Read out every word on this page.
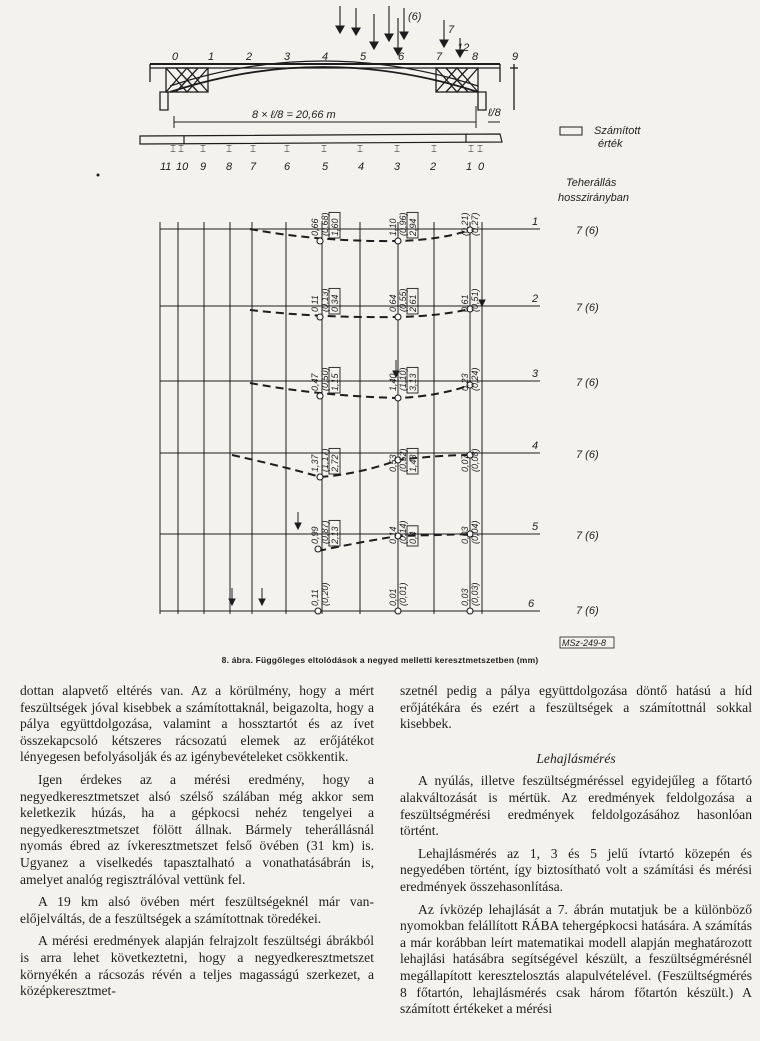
(6)
7
12
0	1	2	3	4	5	6	7	8	9
8 × ℓ/8 = 20,66 m	ℓ/8
⌶ ⌶ ⌶ ⌶ ⌶	⌶	⌶	⌶	⌶	⌶	⌶ ⌶
11 10 9 8 7	6	5	4	3	2	1 0
Számított
érték
Teherállás
hosszirányban
1
7 (6)
2
7 (6)
3
7 (6)
4
7 (6)
5
7 (6)
6
7 (6)
0,66 (0,68) 1,60	1,10 (0,96) 2,94	(0,21) (0,27)
0,11 (0,13) 0,34	0,64 (0,55) 2,61	0,61 (0,51)
0,47 (0,50) 1,15	1,40 (1,10) 3,13	0,23 (0,24)
1,37 (1,17) 2,72	0,53 (0,52) 1,43	0,07 (0,08)
0,99 (0,87) 2,13	0,14 (0,14) 0,4	0,03 (0,04)
0,11 (0,20)	0,01 (0,01)	0,03 (0,03)
MSz-249-8
8. ábra. Függőleges eltolódások a negyed melletti keresztmetszetben (mm)

dottan alapvető eltérés van. Az a körülmény, hogy a mért feszültségek jóval kisebbek a számítottaknál, beigazolta, hogy a pálya együttdolgozása, valamint a hossztartót és az ívet összekapcsoló kétszeres rácsozatú elemek az erőjátékot lényegesen befolyásolják és az igénybevételeket csökkentik.

Igen érdekes az a mérési eredmény, hogy a negyedkeresztmetszet alsó szélső szálában még akkor sem keletkezik húzás, ha a gépkocsi nehéz tengelyei a negyedkeresztmetszet fölött állnak. Bármely teherállásnál nyomás ébred az ívkeresztmetszet felső övében (31 km) is. Ugyanez a viselkedés tapasztalható a vonathatásábrán is, amelyet analóg regisztrálóval vettünk fel.

A 19 km alsó övében mért feszültségeknél már van-előjelváltás, de a feszültségek a számítottnak töredékei.

A mérési eredmények alapján felrajzolt feszültségi ábrákból is arra lehet következtetni, hogy a negyedkeresztmetszet környékén a rácsozás révén a teljes magasságú szerkezet, a középkeresztmet-

szetnél pedig a pálya együttdolgozása döntő hatású a híd erőjátékára és ezért a feszültségek a számítottnál sokkal kisebbek.

Lehajlásmérés

A nyúlás, illetve feszültségméréssel egyidejűleg a főtartó alakváltozását is mértük. Az eredmények feldolgozása a feszültségmérési eredmények feldolgozásához hasonlóan történt.

Lehajlásmérés az 1, 3 és 5 jelű ívtartó közepén és negyedében történt, így biztosítható volt a számítási és mérési eredmények összehasonlítása.

Az ívközép lehajlását a 7. ábrán mutatjuk be a különböző nyomokban felállított RÁBA tehergépkocsi hatására. A számítás a már korábban leírt matematikai modell alapján meghatározott lehajlási hatásábra segítségével készült, a feszültségmérésnél megállapított keresztelosztás alapulvételével. (Feszültségmérés 8 főtartón, lehajlásmérés csak három főtartón készült.) A számított értékeket a mérési
